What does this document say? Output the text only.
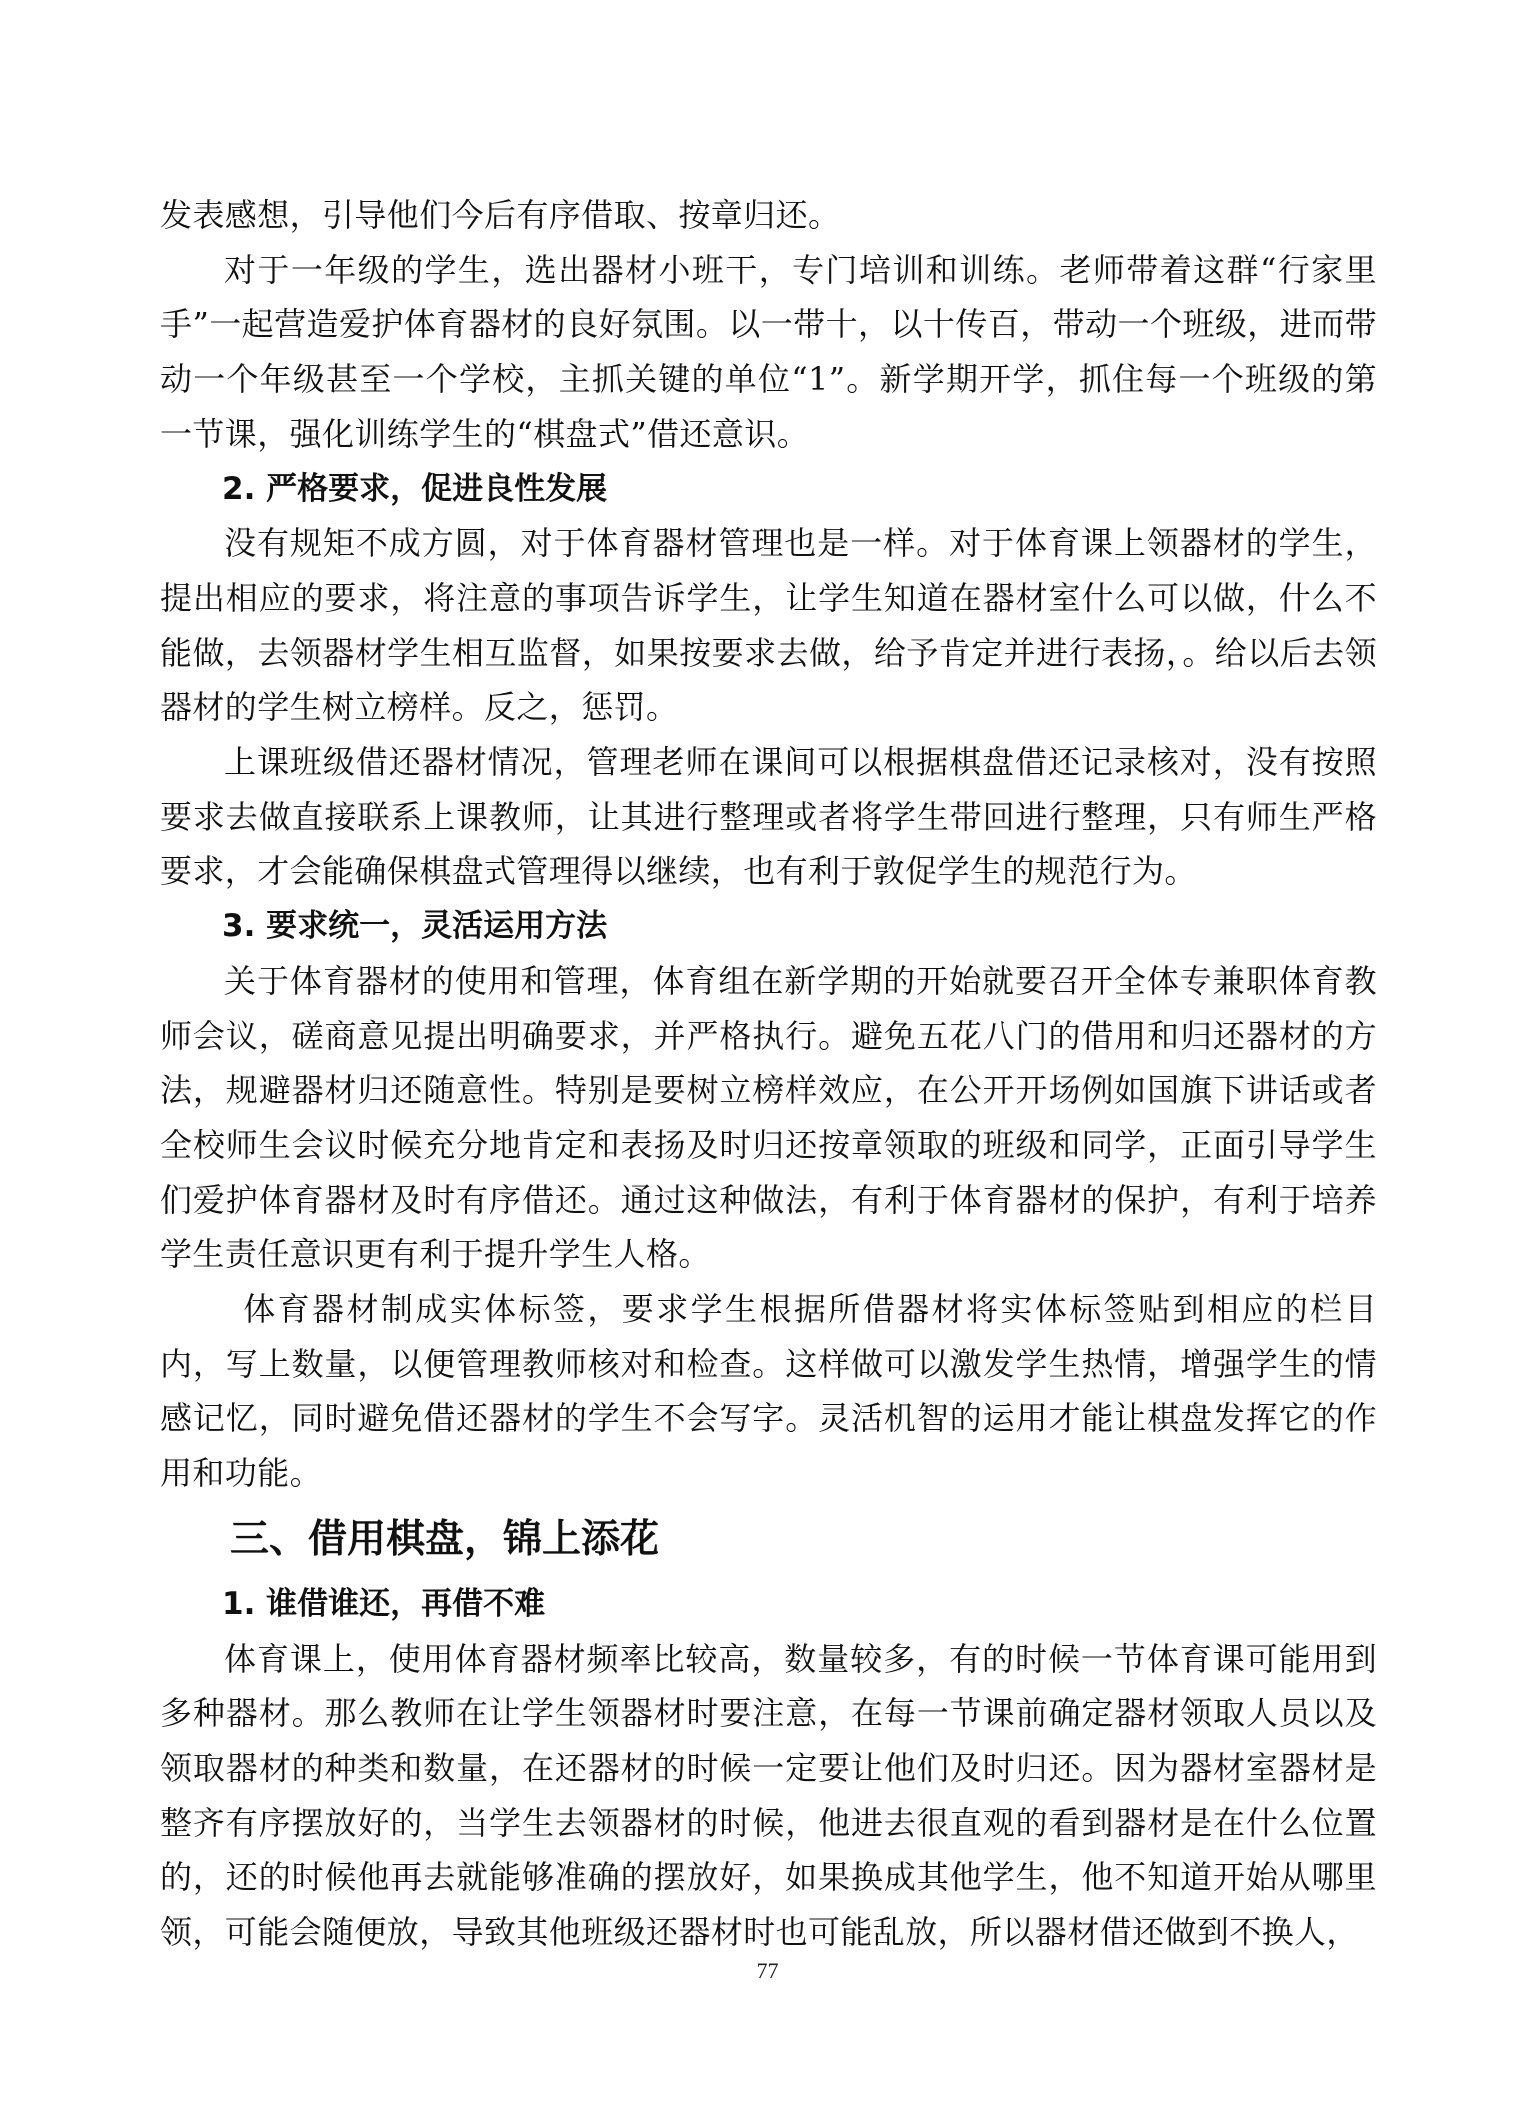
发表感想，引导他们今后有序借取、按章归还。

对于一年级的学生，选出器材小班干，专门培训和训练。老师带着这群“行家里手”一起营造爱护体育器材的良好氛围。以一带十，以十传百，带动一个班级，进而带动一个年级甚至一个学校，主抓关键的单位“1”。新学期开学，抓住每一个班级的第一节课，强化训练学生的“棋盘式”借还意识。

2. 严格要求，促进良性发展

没有规矩不成方圆，对于体育器材管理也是一样。对于体育课上领器材的学生，提出相应的要求，将注意的事项告诉学生，让学生知道在器材室什么可以做，什么不能做，去领器材学生相互监督，如果按要求去做，给予肯定并进行表扬，。给以后去领器材的学生树立榜样。反之，惩罚。

上课班级借还器材情况，管理老师在课间可以根据棋盘借还记录核对，没有按照要求去做直接联系上课教师，让其进行整理或者将学生带回进行整理，只有师生严格要求，才会能确保棋盘式管理得以继续，也有利于敦促学生的规范行为。

3. 要求统一，灵活运用方法

关于体育器材的使用和管理，体育组在新学期的开始就要召开全体专兼职体育教师会议，磋商意见提出明确要求，并严格执行。避免五花八门的借用和归还器材的方法，规避器材归还随意性。特别是要树立榜样效应，在公开开场例如国旗下讲话或者全校师生会议时候充分地肯定和表扬及时归还按章领取的班级和同学，正面引导学生们爱护体育器材及时有序借还。通过这种做法，有利于体育器材的保护，有利于培养学生责任意识更有利于提升学生人格。

体育器材制成实体标签，要求学生根据所借器材将实体标签贴到相应的栏目内，写上数量，以便管理教师核对和检查。这样做可以激发学生热情，增强学生的情感记忆，同时避免借还器材的学生不会写字。灵活机智的运用才能让棋盘发挥它的作用和功能。

三、借用棋盘，锦上添花

1. 谁借谁还，再借不难

体育课上，使用体育器材频率比较高，数量较多，有的时候一节体育课可能用到多种器材。那么教师在让学生领器材时要注意，在每一节课前确定器材领取人员以及领取器材的种类和数量，在还器材的时候一定要让他们及时归还。因为器材室器材是整齐有序摆放好的，当学生去领器材的时候，他进去很直观的看到器材是在什么位置的，还的时候他再去就能够准确的摆放好，如果换成其他学生，他不知道开始从哪里领，可能会随便放，导致其他班级还器材时也可能乱放，所以器材借还做到不换人，

77
